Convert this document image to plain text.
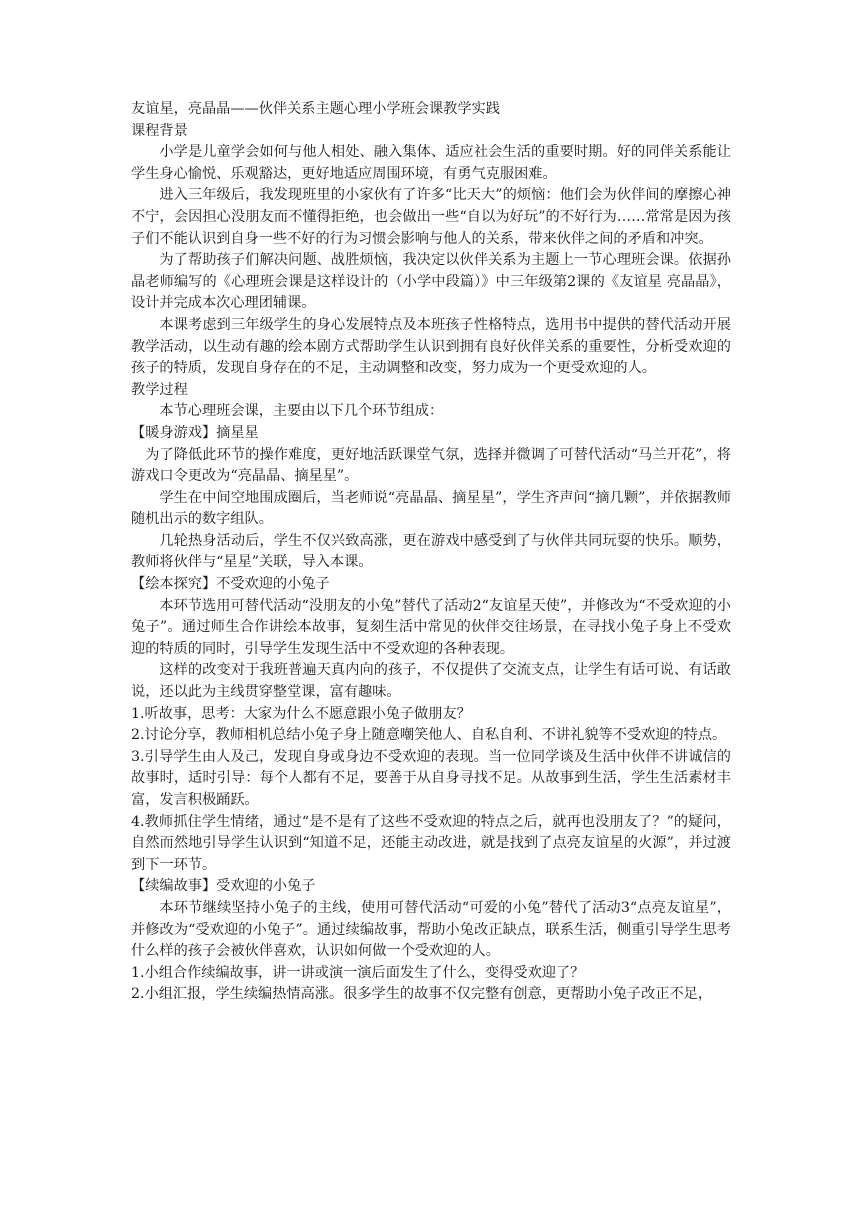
友谊星，亮晶晶——伙伴关系主题心理小学班会课教学实践

课程背景

小学是儿童学会如何与他人相处、融入集体、适应社会生活的重要时期。好的同伴关系能让学生身心愉悦、乐观豁达，更好地适应周围环境，有勇气克服困难。

进入三年级后，我发现班里的小家伙有了许多“比天大”的烦恼：他们会为伙伴间的摩擦心神不宁，会因担心没朋友而不懂得拒绝，也会做出一些“自以为好玩”的不好行为……常常是因为孩子们不能认识到自身一些不好的行为习惯会影响与他人的关系，带来伙伴之间的矛盾和冲突。

为了帮助孩子们解决问题、战胜烦恼，我决定以伙伴关系为主题上一节心理班会课。依据孙晶老师编写的《心理班会课是这样设计的（小学中段篇）》中三年级第2课的《友谊星 亮晶晶》，设计并完成本次心理团辅课。

本课考虑到三年级学生的身心发展特点及本班孩子性格特点，选用书中提供的替代活动开展教学活动，以生动有趣的绘本剧方式帮助学生认识到拥有良好伙伴关系的重要性，分析受欢迎的孩子的特质，发现自身存在的不足，主动调整和改变，努力成为一个更受欢迎的人。

教学过程

本节心理班会课，主要由以下几个环节组成：

【暖身游戏】摘星星

为了降低此环节的操作难度，更好地活跃课堂气氛，选择并微调了可替代活动“马兰开花”，将游戏口令更改为“亮晶晶、摘星星”。

学生在中间空地围成圈后，当老师说“亮晶晶、摘星星”，学生齐声问“摘几颗”，并依据教师随机出示的数字组队。

几轮热身活动后，学生不仅兴致高涨，更在游戏中感受到了与伙伴共同玩耍的快乐。顺势，教师将伙伴与“星星”关联，导入本课。

【绘本探究】不受欢迎的小兔子

本环节选用可替代活动“没朋友的小兔”替代了活动2“友谊星天使”，并修改为“不受欢迎的小兔子”。通过师生合作讲绘本故事，复刻生活中常见的伙伴交往场景，在寻找小兔子身上不受欢迎的特质的同时，引导学生发现生活中不受欢迎的各种表现。

这样的改变对于我班普遍天真内向的孩子，不仅提供了交流支点，让学生有话可说、有话敢说，还以此为主线贯穿整堂课，富有趣味。

1.听故事，思考：大家为什么不愿意跟小兔子做朋友？

2.讨论分享，教师相机总结小兔子身上随意嘲笑他人、自私自利、不讲礼貌等不受欢迎的特点。

3.引导学生由人及己，发现自身或身边不受欢迎的表现。当一位同学谈及生活中伙伴不讲诚信的故事时，适时引导：每个人都有不足，要善于从自身寻找不足。从故事到生活，学生生活素材丰富，发言积极踊跃。

4.教师抓住学生情绪，通过“是不是有了这些不受欢迎的特点之后，就再也没朋友了？”的疑问，自然而然地引导学生认识到“知道不足，还能主动改进，就是找到了点亮友谊星的火源”，并过渡到下一环节。

【续编故事】受欢迎的小兔子

本环节继续坚持小兔子的主线，使用可替代活动“可爱的小兔”替代了活动3“点亮友谊星”，并修改为“受欢迎的小兔子”。通过续编故事，帮助小兔改正缺点，联系生活，侧重引导学生思考什么样的孩子会被伙伴喜欢，认识如何做一个受欢迎的人。

1.小组合作续编故事，讲一讲或演一演后面发生了什么，变得受欢迎了？

2.小组汇报，学生续编热情高涨。很多学生的故事不仅完整有创意，更帮助小兔子改正不足，
